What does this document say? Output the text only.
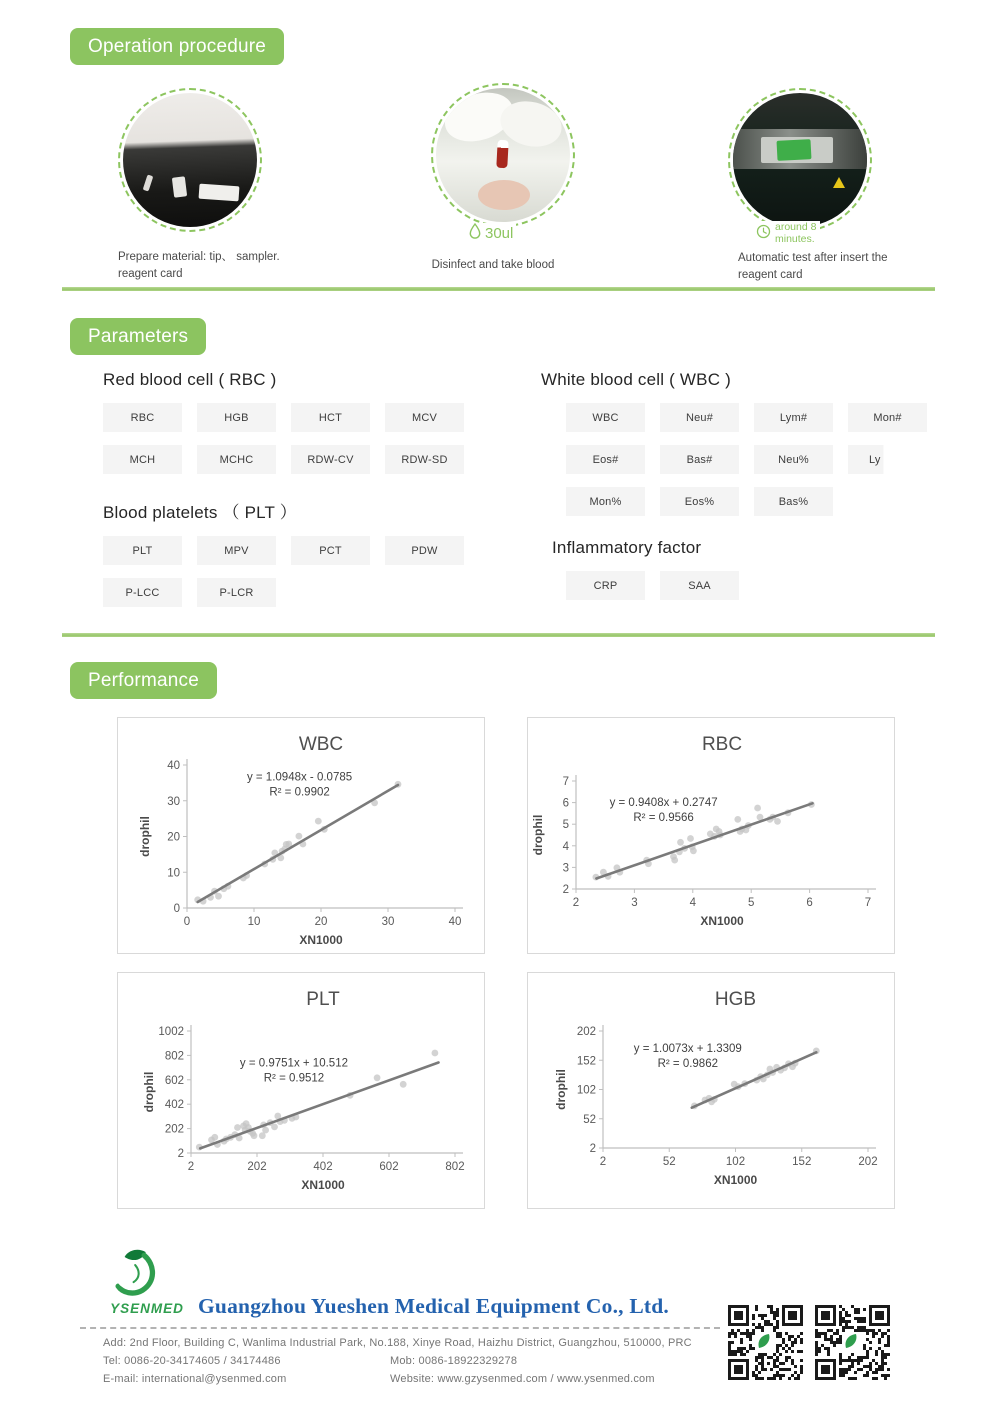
Operation procedure
30ul	around 8
minutes.
Prepare material: tip、 sampler.
reagent card
Disinfect and take blood
Automatic test after insert the
reagent card
Parameters
Red blood cell ( RBC )
RBC	HGB	HCT	MCV
MCH	MCHC	RDW-CV	RDW-SD
White blood cell ( WBC )
WBC	Neu#	Lym#	Mon#
Eos#	Bas#	Neu%	Ly
Mon%	Eos%	Bas%
Blood platelets （ PLT ）
PLT	MPV	PCT	PDW
P-LCC	P-LCR
Inflammatory factor
CRP	SAA
Performance
WBC
0
10
20
30
40
0	10	20	30	40
y = 1.0948x - 0.0785
R² = 0.9902
XN1000
drophil
RBC
2
3
4
5
6
7
2	3	4	5	6	7
y = 0.9408x + 0.2747
R² = 0.9566
XN1000
drophil
PLT
2
202
402
602
802
1002
2	202	402	602	802
y = 0.9751x + 10.512
R² = 0.9512
XN1000
drophil
HGB
2
52
102
152
202
2	52	102	152	202
y = 1.0073x + 1.3309
R² = 0.9862
XN1000
drophil
YSENMED Guangzhou Yueshen Medical Equipment Co., Ltd.
Add: 2nd Floor, Building C, Wanlima Industrial Park, No.188, Xinye Road, Haizhu District, Guangzhou, 510000, PRC
Tel: 0086-20-34174605 / 34174486	Mob: 0086-18922329278
E-mail: international@ysenmed.com	Website: www.gzysenmed.com / www.ysenmed.com
